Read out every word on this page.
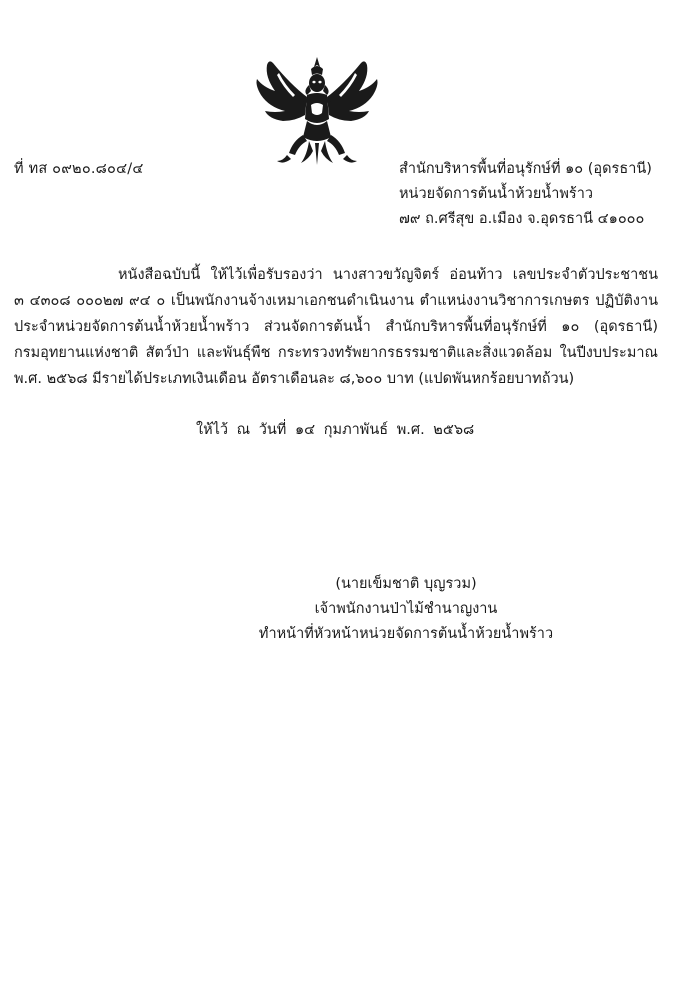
ที่ ทส ๐๙๒๐.๘๐๔/๔	สำนักบริหารพื้นที่อนุรักษ์ที่ ๑๐ (อุดรธานี)
หน่วยจัดการต้นน้ำห้วยน้ำพร้าว
๗๙ ถ.ศรีสุข อ.เมือง จ.อุดรธานี ๔๑๐๐๐
หนังสือฉบับนี้ ให้ไว้เพื่อรับรองว่า นางสาวขวัญจิตร์ อ่อนท้าว เลขประจำตัวประชาชน
๓ ๔๓๐๘ ๐๐๐๒๗ ๙๔ ๐ เป็นพนักงานจ้างเหมาเอกชนดำเนินงาน ตำแหน่งงานวิชาการเกษตร ปฏิบัติงาน
ประจำหน่วยจัดการต้นน้ำห้วยน้ำพร้าว ส่วนจัดการต้นน้ำ สำนักบริหารพื้นที่อนุรักษ์ที่ ๑๐ (อุดรธานี)
กรมอุทยานแห่งชาติ สัตว์ป่า และพันธุ์พืช กระทรวงทรัพยากรธรรมชาติและสิ่งแวดล้อม ในปีงบประมาณ
พ.ศ. ๒๕๖๘ มีรายได้ประเภทเงินเดือน อัตราเดือนละ ๘,๖๐๐ บาท (แปดพันหกร้อยบาทถ้วน)
ให้ไว้ ณ วันที่ ๑๔ กุมภาพันธ์ พ.ศ. ๒๕๖๘
(นายเข็มชาติ บุญรวม)
เจ้าพนักงานป่าไม้ชำนาญงาน
ทำหน้าที่หัวหน้าหน่วยจัดการต้นน้ำห้วยน้ำพร้าว
